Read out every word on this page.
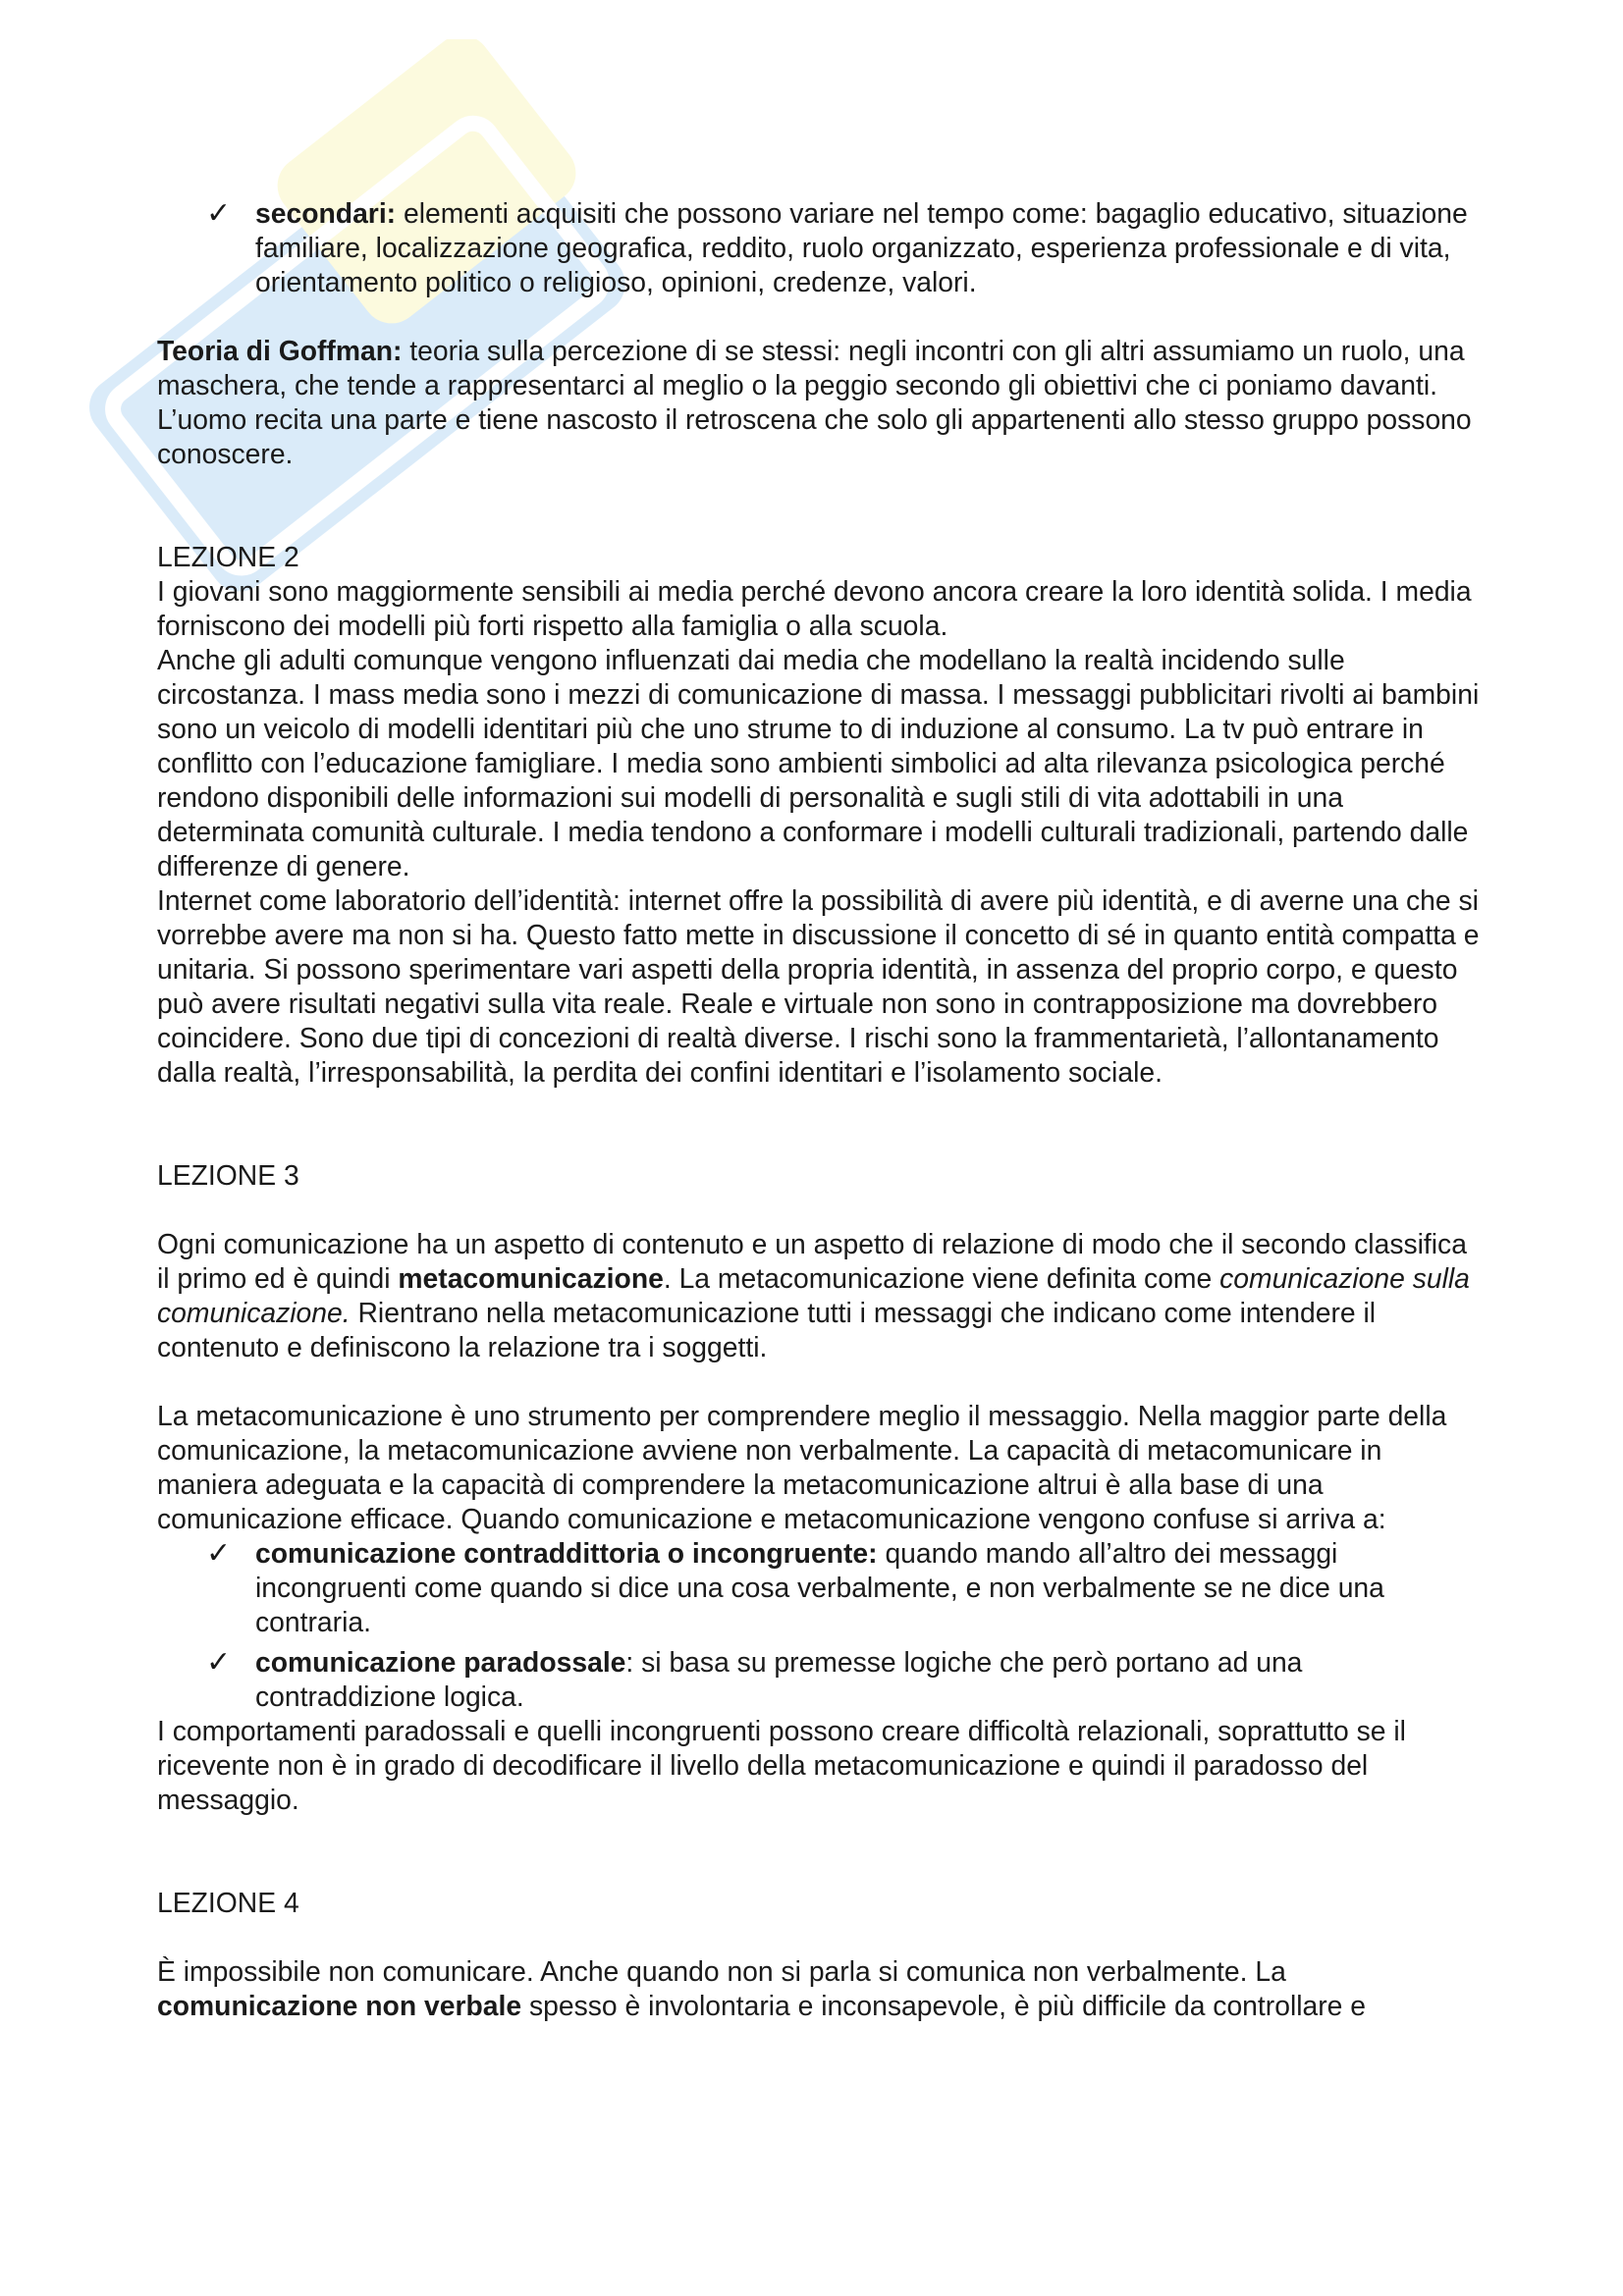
✓ secondari: elementi acquisiti che possono variare nel tempo come: bagaglio educativo, situazione familiare, localizzazione geografica, reddito, ruolo organizzato, esperienza professionale e di vita, orientamento politico o religioso, opinioni, credenze, valori.

Teoria di Goffman: teoria sulla percezione di se stessi: negli incontri con gli altri assumiamo un ruolo, una maschera, che tende a rappresentarci al meglio o la peggio secondo gli obiettivi che ci poniamo davanti. L’uomo recita una parte e tiene nascosto il retroscena che solo gli appartenenti allo stesso gruppo possono conoscere.

LEZIONE 2

I giovani sono maggiormente sensibili ai media perché devono ancora creare la loro identità solida. I media forniscono dei modelli più forti rispetto alla famiglia o alla scuola.

Anche gli adulti comunque vengono influenzati dai media che modellano la realtà incidendo sulle circostanza. I mass media sono i mezzi di comunicazione di massa. I messaggi pubblicitari rivolti ai bambini sono un veicolo di modelli identitari più che uno strume to di induzione al consumo. La tv può entrare in conflitto con l’educazione famigliare. I media sono ambienti simbolici ad alta rilevanza psicologica perché rendono disponibili delle informazioni sui modelli di personalità e sugli stili di vita adottabili in una determinata comunità culturale. I media tendono a conformare i modelli culturali tradizionali, partendo dalle differenze di genere.

Internet come laboratorio dell’identità: internet offre la possibilità di avere più identità, e di averne una che si vorrebbe avere ma non si ha. Questo fatto mette in discussione il concetto di sé in quanto entità compatta e unitaria. Si possono sperimentare vari aspetti della propria identità, in assenza del proprio corpo, e questo può avere risultati negativi sulla vita reale. Reale e virtuale non sono in contrapposizione ma dovrebbero coincidere. Sono due tipi di concezioni di realtà diverse. I rischi sono la frammentarietà, l’allontanamento dalla realtà, l’irresponsabilità, la perdita dei confini identitari e l’isolamento sociale.

LEZIONE 3

Ogni comunicazione ha un aspetto di contenuto e un aspetto di relazione di modo che il secondo classifica il primo ed è quindi metacomunicazione. La metacomunicazione viene definita come comunicazione sulla comunicazione. Rientrano nella metacomunicazione tutti i messaggi che indicano come intendere il contenuto e definiscono la relazione tra i soggetti.

La metacomunicazione è uno strumento per comprendere meglio il messaggio. Nella maggior parte della comunicazione, la metacomunicazione avviene non verbalmente. La capacità di metacomunicare in maniera adeguata e la capacità di comprendere la metacomunicazione altrui è alla base di una comunicazione efficace. Quando comunicazione e metacomunicazione vengono confuse si arriva a:

✓ comunicazione contraddittoria o incongruente: quando mando all’altro dei messaggi incongruenti come quando si dice una cosa verbalmente, e non verbalmente se ne dice una contraria.
✓ comunicazione paradossale: si basa su premesse logiche che però portano ad una contraddizione logica.

I comportamenti paradossali e quelli incongruenti possono creare difficoltà relazionali, soprattutto se il ricevente non è in grado di decodificare il livello della metacomunicazione e quindi il paradosso del messaggio.

LEZIONE 4

È impossibile non comunicare. Anche quando non si parla si comunica non verbalmente. La comunicazione non verbale spesso è involontaria e inconsapevole, è più difficile da controllare e
